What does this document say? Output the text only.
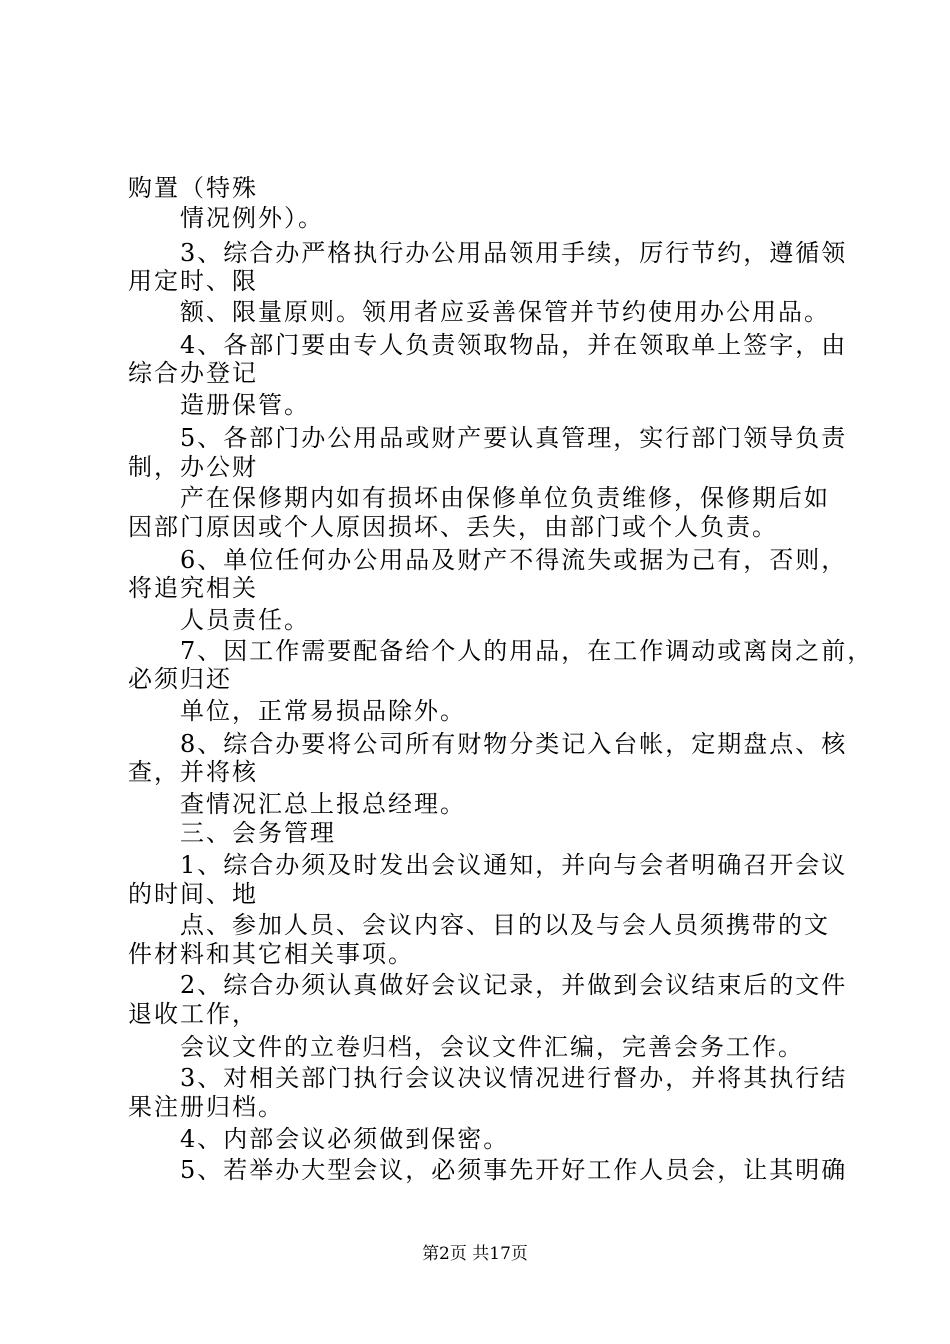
购置（特殊
情况例外）。
3、综合办严格执行办公用品领用手续，厉行节约，遵循领
用定时、限
额、限量原则。领用者应妥善保管并节约使用办公用品。
4、各部门要由专人负责领取物品，并在领取单上签字，由
综合办登记
造册保管。
5、各部门办公用品或财产要认真管理，实行部门领导负责
制，办公财
产在保修期内如有损坏由保修单位负责维修，保修期后如
因部门原因或个人原因损坏、丢失，由部门或个人负责。
6、单位任何办公用品及财产不得流失或据为己有，否则，
将追究相关
人员责任。
7、因工作需要配备给个人的用品，在工作调动或离岗之前，
必须归还
单位，正常易损品除外。
8、综合办要将公司所有财物分类记入台帐，定期盘点、核
查，并将核
查情况汇总上报总经理。
三、会务管理
1、综合办须及时发出会议通知，并向与会者明确召开会议
的时间、地
点、参加人员、会议内容、目的以及与会人员须携带的文
件材料和其它相关事项。
2、综合办须认真做好会议记录，并做到会议结束后的文件
退收工作，
会议文件的立卷归档，会议文件汇编，完善会务工作。
3、对相关部门执行会议决议情况进行督办，并将其执行结
果注册归档。
4、内部会议必须做到保密。
5、若举办大型会议，必须事先开好工作人员会，让其明确
第2页 共17页
